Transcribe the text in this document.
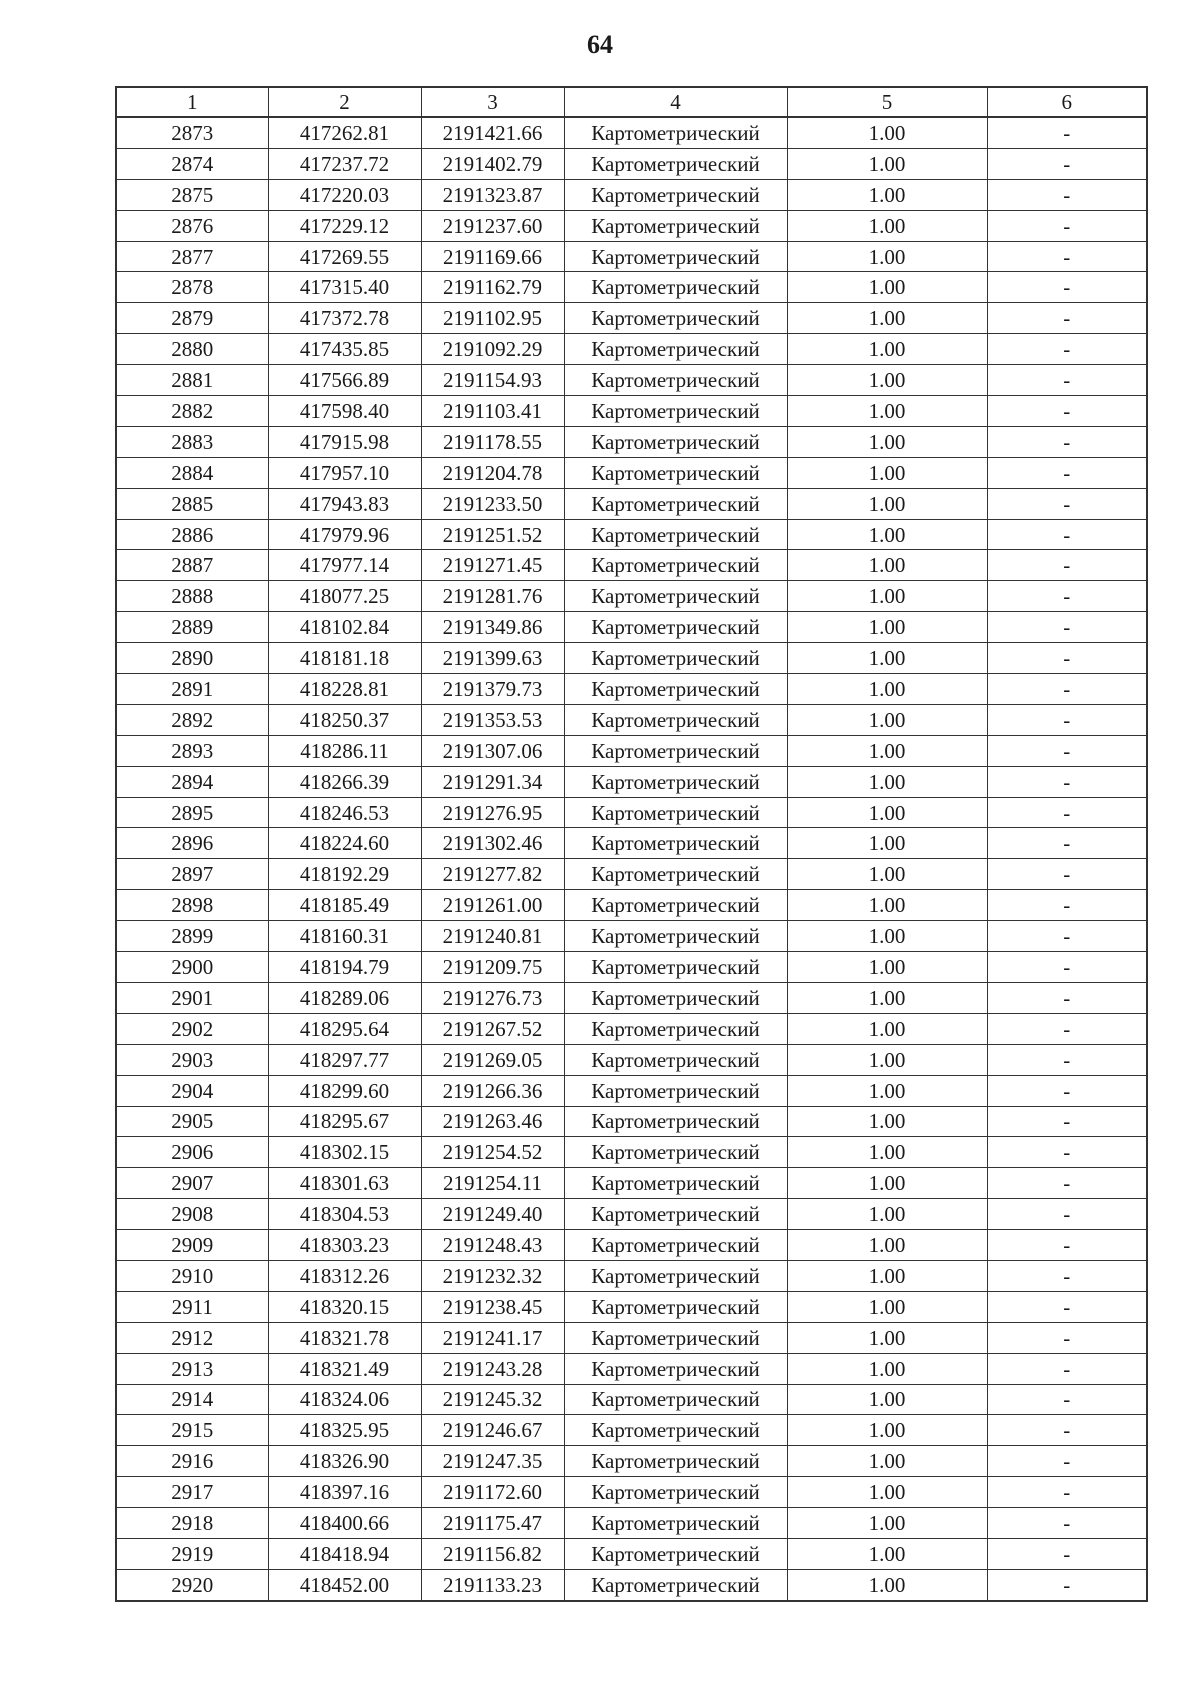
64
1	2	3	4	5	6
2873	417262.81	2191421.66	Картометрический	1.00	-
2874	417237.72	2191402.79	Картометрический	1.00	-
2875	417220.03	2191323.87	Картометрический	1.00	-
2876	417229.12	2191237.60	Картометрический	1.00	-
2877	417269.55	2191169.66	Картометрический	1.00	-
2878	417315.40	2191162.79	Картометрический	1.00	-
2879	417372.78	2191102.95	Картометрический	1.00	-
2880	417435.85	2191092.29	Картометрический	1.00	-
2881	417566.89	2191154.93	Картометрический	1.00	-
2882	417598.40	2191103.41	Картометрический	1.00	-
2883	417915.98	2191178.55	Картометрический	1.00	-
2884	417957.10	2191204.78	Картометрический	1.00	-
2885	417943.83	2191233.50	Картометрический	1.00	-
2886	417979.96	2191251.52	Картометрический	1.00	-
2887	417977.14	2191271.45	Картометрический	1.00	-
2888	418077.25	2191281.76	Картометрический	1.00	-
2889	418102.84	2191349.86	Картометрический	1.00	-
2890	418181.18	2191399.63	Картометрический	1.00	-
2891	418228.81	2191379.73	Картометрический	1.00	-
2892	418250.37	2191353.53	Картометрический	1.00	-
2893	418286.11	2191307.06	Картометрический	1.00	-
2894	418266.39	2191291.34	Картометрический	1.00	-
2895	418246.53	2191276.95	Картометрический	1.00	-
2896	418224.60	2191302.46	Картометрический	1.00	-
2897	418192.29	2191277.82	Картометрический	1.00	-
2898	418185.49	2191261.00	Картометрический	1.00	-
2899	418160.31	2191240.81	Картометрический	1.00	-
2900	418194.79	2191209.75	Картометрический	1.00	-
2901	418289.06	2191276.73	Картометрический	1.00	-
2902	418295.64	2191267.52	Картометрический	1.00	-
2903	418297.77	2191269.05	Картометрический	1.00	-
2904	418299.60	2191266.36	Картометрический	1.00	-
2905	418295.67	2191263.46	Картометрический	1.00	-
2906	418302.15	2191254.52	Картометрический	1.00	-
2907	418301.63	2191254.11	Картометрический	1.00	-
2908	418304.53	2191249.40	Картометрический	1.00	-
2909	418303.23	2191248.43	Картометрический	1.00	-
2910	418312.26	2191232.32	Картометрический	1.00	-
2911	418320.15	2191238.45	Картометрический	1.00	-
2912	418321.78	2191241.17	Картометрический	1.00	-
2913	418321.49	2191243.28	Картометрический	1.00	-
2914	418324.06	2191245.32	Картометрический	1.00	-
2915	418325.95	2191246.67	Картометрический	1.00	-
2916	418326.90	2191247.35	Картометрический	1.00	-
2917	418397.16	2191172.60	Картометрический	1.00	-
2918	418400.66	2191175.47	Картометрический	1.00	-
2919	418418.94	2191156.82	Картометрический	1.00	-
2920	418452.00	2191133.23	Картометрический	1.00	-
